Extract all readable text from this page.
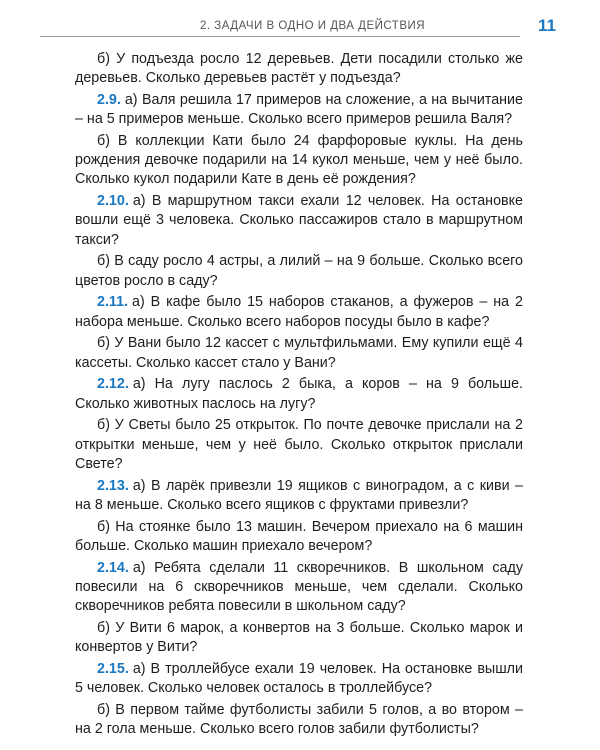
2. ЗАДАЧИ В ОДНО И ДВА ДЕЙСТВИЯ	11

б) У подъезда росло 12 деревьев. Дети посадили столько же деревьев. Сколько деревьев растёт у подъезда?

2.9. а) Валя решила 17 примеров на сложение, а на вычитание – на 5 примеров меньше. Сколько всего примеров решила Валя?

б) В коллекции Кати было 24 фарфоровые куклы. На день рождения девочке подарили на 14 кукол меньше, чем у неё было. Сколько кукол подарили Кате в день её рождения?

2.10. а) В маршрутном такси ехали 12 человек. На остановке вошли ещё 3 человека. Сколько пассажиров стало в маршрутном такси?

б) В саду росло 4 астры, а лилий – на 9 больше. Сколько всего цветов росло в саду?

2.11. а) В кафе было 15 наборов стаканов, а фужеров – на 2 набора меньше. Сколько всего наборов посуды было в кафе?

б) У Вани было 12 кассет с мультфильмами. Ему купили ещё 4 кассеты. Сколько кассет стало у Вани?

2.12. а) На лугу паслось 2 быка, а коров – на 9 больше. Сколько животных паслось на лугу?

б) У Светы было 25 открыток. По почте девочке прислали на 2 открытки меньше, чем у неё было. Сколько открыток прислали Свете?

2.13. а) В ларёк привезли 19 ящиков с виноградом, а с киви – на 8 меньше. Сколько всего ящиков с фруктами привезли?

б) На стоянке было 13 машин. Вечером приехало на 6 машин больше. Сколько машин приехало вечером?

2.14. а) Ребята сделали 11 скворечников. В школьном саду повесили на 6 скворечников меньше, чем сделали. Сколько скворечников ребята повесили в школьном саду?

б) У Вити 6 марок, а конвертов на 3 больше. Сколько марок и конвертов у Вити?

2.15. а) В троллейбусе ехали 19 человек. На остановке вышли 5 человек. Сколько человек осталось в троллейбусе?

б) В первом тайме футболисты забили 5 голов, а во втором – на 2 гола меньше. Сколько всего голов забили футболисты?
